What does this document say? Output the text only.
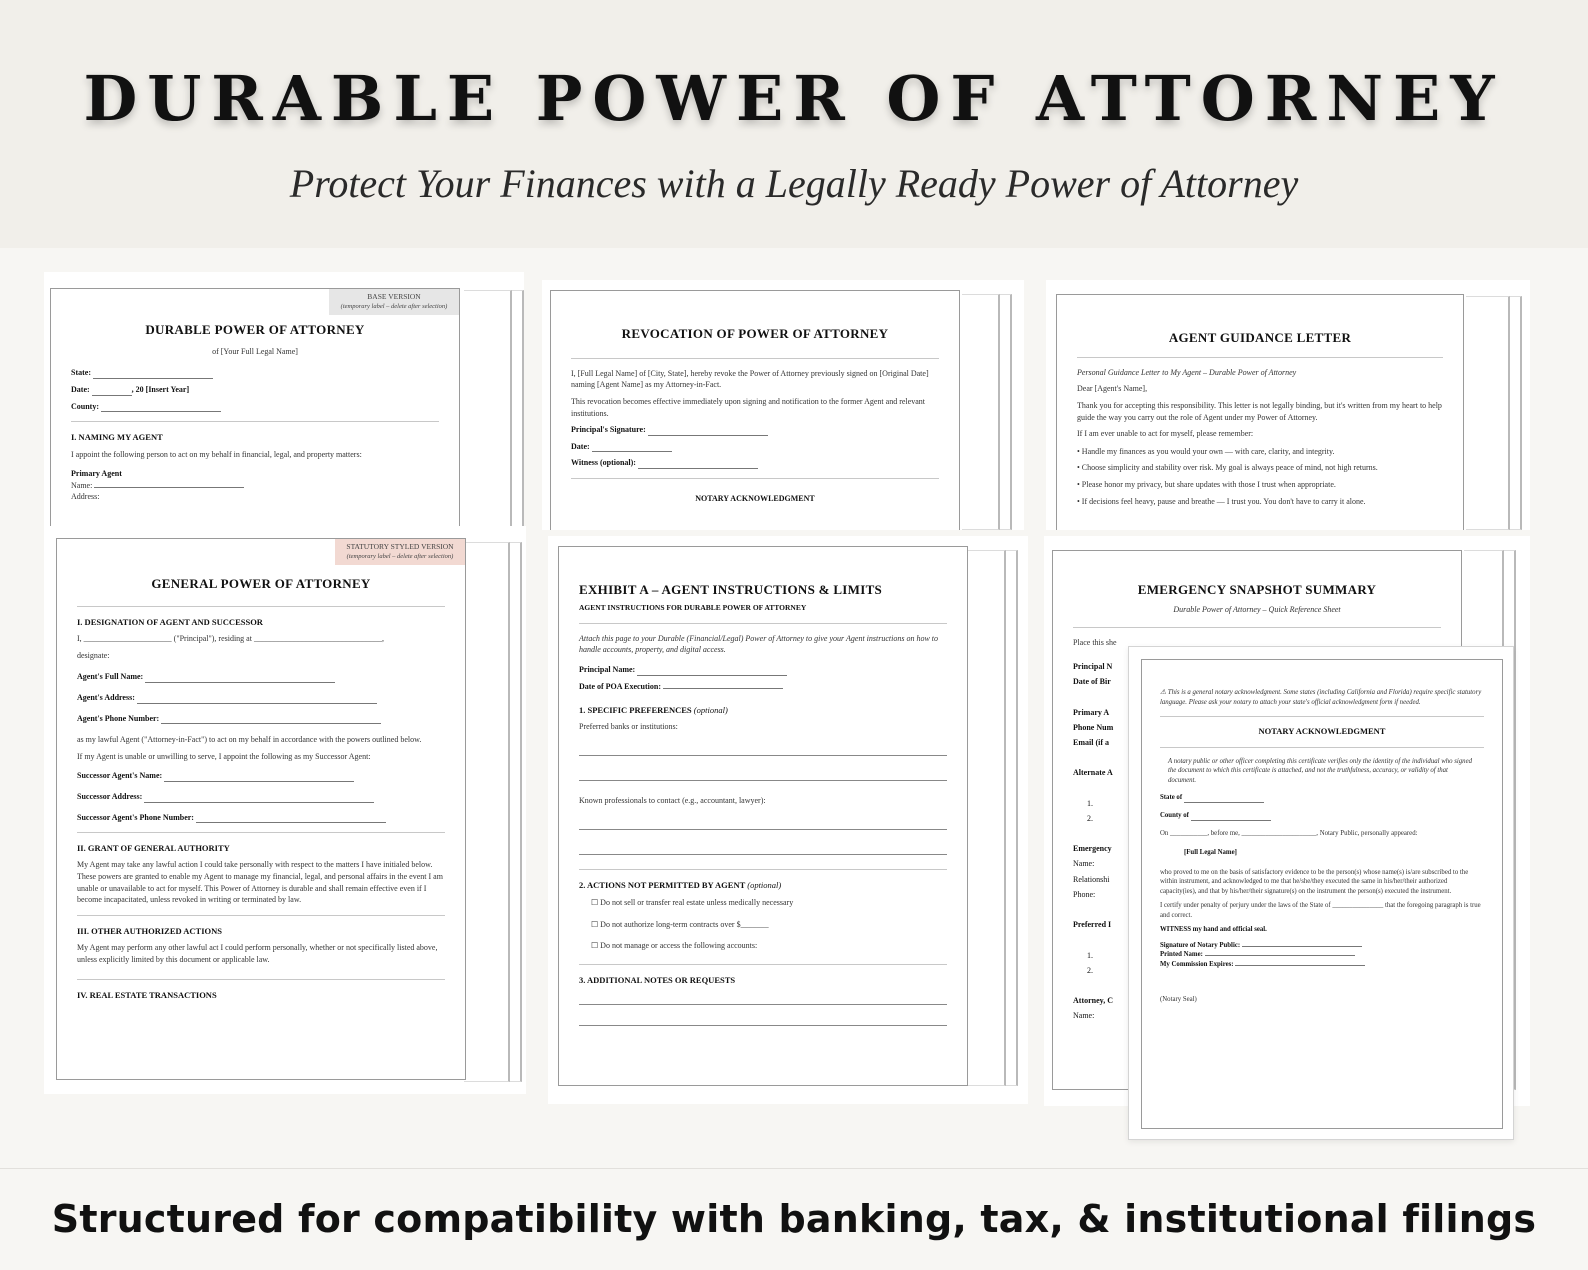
DURABLE POWER OF ATTORNEY
Protect Your Finances with a Legally Ready Power of Attorney
BASE VERSION
(temporary label – delete after selection)
DURABLE POWER OF ATTORNEY
of [Your Full Legal Name]
State:
Date:	, 20 [Insert Year]
County:
I. NAMING MY AGENT
I appoint the following person to act on my behalf in financial, legal, and property matters:
Primary Agent
Name:
Address:
REVOCATION OF POWER OF ATTORNEY
I, [Full Legal Name] of [City, State], hereby revoke the Power of Attorney previously signed on [Original Date] naming [Agent Name] as my Attorney-in-Fact.
This revocation becomes effective immediately upon signing and notification to the former Agent and relevant institutions.
Principal's Signature:
Date:
Witness (optional):
NOTARY ACKNOWLEDGMENT
AGENT GUIDANCE LETTER
Personal Guidance Letter to My Agent – Durable Power of Attorney
Dear [Agent's Name],
Thank you for accepting this responsibility. This letter is not legally binding, but it's written from my heart to help guide the way you carry out the role of Agent under my Power of Attorney.
If I am ever unable to act for myself, please remember:
• Handle my finances as you would your own — with care, clarity, and integrity.
• Choose simplicity and stability over risk. My goal is always peace of mind, not high returns.
• Please honor my privacy, but share updates with those I trust when appropriate.
• If decisions feel heavy, pause and breathe — I trust you. You don't have to carry it alone.
STATUTORY STYLED VERSION
(temporary label – delete after selection)
GENERAL POWER OF ATTORNEY
I. DESIGNATION OF AGENT AND SUCCESSOR
I, ______________________ ("Principal"), residing at ________________________________,
designate:
Agent's Full Name:
Agent's Address:
Agent's Phone Number:
as my lawful Agent ("Attorney-in-Fact") to act on my behalf in accordance with the powers outlined below.
If my Agent is unable or unwilling to serve, I appoint the following as my Successor Agent:
Successor Agent's Name:
Successor Address:
Successor Agent's Phone Number:
II. GRANT OF GENERAL AUTHORITY
My Agent may take any lawful action I could take personally with respect to the matters I have initialed below. These powers are granted to enable my Agent to manage my financial, legal, and personal affairs in the event I am unable or unavailable to act for myself. This Power of Attorney is durable and shall remain effective even if I become incapacitated, unless revoked in writing or terminated by law.
III. OTHER AUTHORIZED ACTIONS
My Agent may perform any other lawful act I could perform personally, whether or not specifically listed above, unless explicitly limited by this document or applicable law.
IV. REAL ESTATE TRANSACTIONS
EXHIBIT A – AGENT INSTRUCTIONS & LIMITS
AGENT INSTRUCTIONS FOR DURABLE POWER OF ATTORNEY
Attach this page to your Durable (Financial/Legal) Power of Attorney to give your Agent instructions on how to handle accounts, property, and digital access.
Principal Name:
Date of POA Execution:
1. SPECIFIC PREFERENCES (optional)
Preferred banks or institutions:
Known professionals to contact (e.g., accountant, lawyer):
2. ACTIONS NOT PERMITTED BY AGENT (optional)
☐ Do not sell or transfer real estate unless medically necessary
☐ Do not authorize long-term contracts over $_______
☐ Do not manage or access the following accounts:
3. ADDITIONAL NOTES OR REQUESTS
EMERGENCY SNAPSHOT SUMMARY
Durable Power of Attorney – Quick Reference Sheet
Place this she
Principal N
Date of Bir

Primary A
Phone Num
Email (if a

Alternate A

1.
2.

Emergency
Name:
Relationshi
Phone:

Preferred I

1.
2.

Attorney, C
Name:
⚠ This is a general notary acknowledgment. Some states (including California and Florida) require specific statutory language. Please ask your notary to attach your state's official acknowledgment form if needed.
NOTARY ACKNOWLEDGMENT
A notary public or other officer completing this certificate verifies only the identity of the individual who signed the document to which this certificate is attached, and not the truthfulness, accuracy, or validity of that document.
State of
County of
On ___________, before me, ______________________, Notary Public, personally appeared:
[Full Legal Name]
who proved to me on the basis of satisfactory evidence to be the person(s) whose name(s) is/are subscribed to the within instrument, and acknowledged to me that he/she/they executed the same in his/her/their authorized capacity(ies), and that by his/her/their signature(s) on the instrument the person(s) executed the instrument.
I certify under penalty of perjury under the laws of the State of _______________ that the foregoing paragraph is true and correct.
WITNESS my hand and official seal.
Signature of Notary Public:
Printed Name:
My Commission Expires:
(Notary Seal)
Structured for compatibility with banking, tax, & institutional filings
